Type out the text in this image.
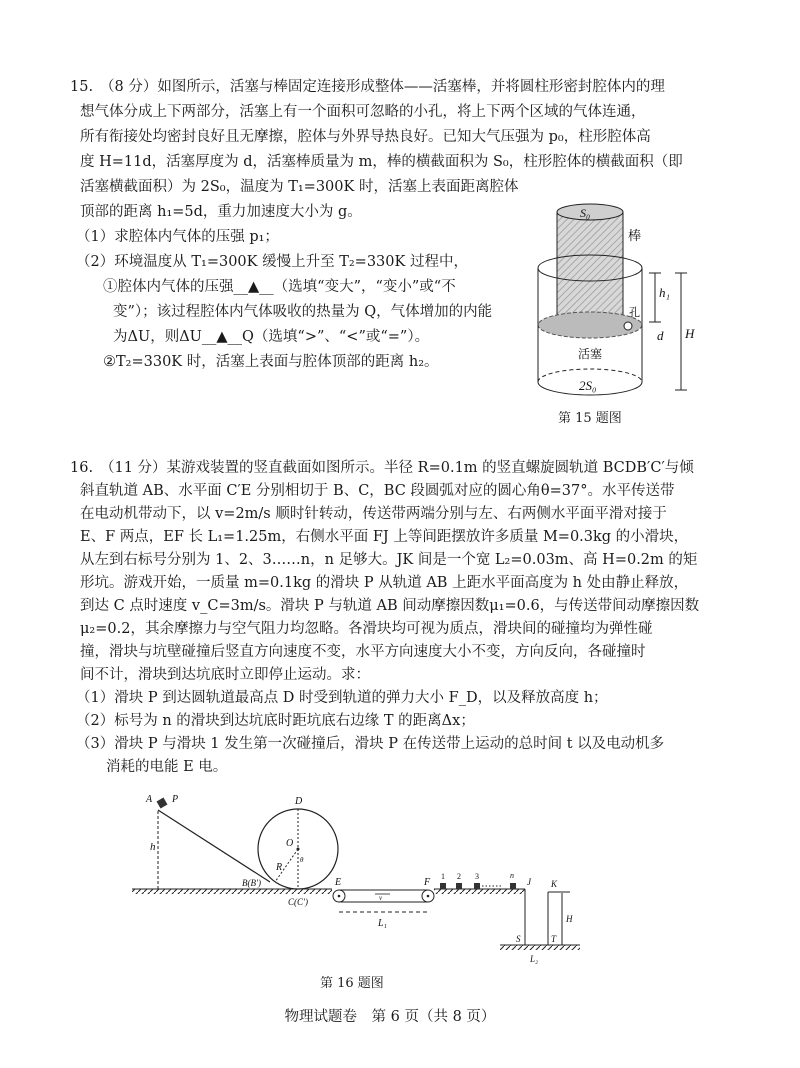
15. （8 分）如图所示，活塞与棒固定连接形成整体——活塞棒，并将圆柱形密封腔体内的理
想气体分成上下两部分，活塞上有一个面积可忽略的小孔，将上下两个区域的气体连通，
所有衔接处均密封良好且无摩擦，腔体与外界导热良好。已知大气压强为 p₀，柱形腔体高
度 H=11d，活塞厚度为 d，活塞棒质量为 m，棒的横截面积为 S₀，柱形腔体的横截面积（即
活塞横截面积）为 2S₀，温度为 T₁=300K 时，活塞上表面距离腔体
顶部的距离 h₁=5d，重力加速度大小为 g。
（1）求腔体内气体的压强 p₁；
（2）环境温度从 T₁=300K 缓慢上升至 T₂=330K 过程中，
①腔体内气体的压强__▲__（选填“变大”，“变小”或“不
变”）；该过程腔体内气体吸收的热量为 Q，气体增加的内能
为ΔU，则ΔU__▲__Q（选填“>”、“<”或“=”）。
②T₂=330K 时，活塞上表面与腔体顶部的距离 h₂。
S₀
棒
h₁
孔
d H
活塞
2S₀
第 15 题图
16. （11 分）某游戏装置的竖直截面如图所示。半径 R=0.1m 的竖直螺旋圆轨道 BCDB′C′与倾
斜直轨道 AB、水平面 C′E 分别相切于 B、C，BC 段圆弧对应的圆心角θ=37°。水平传送带
在电动机带动下，以 v=2m/s 顺时针转动，传送带两端分别与左、右两侧水平面平滑对接于
E、F 两点，EF 长 L₁=1.25m，右侧水平面 FJ 上等间距摆放许多质量 M=0.3kg 的小滑块，
从左到右标号分别为 1、2、3……n，n 足够大。JK 间是一个宽 L₂=0.03m、高 H=0.2m 的矩
形坑。游戏开始，一质量 m=0.1kg 的滑块 P 从轨道 AB 上距水平面高度为 h 处由静止释放，
到达 C 点时速度 v_C=3m/s。滑块 P 与轨道 AB 间动摩擦因数μ₁=0.6，与传送带间动摩擦因数
μ₂=0.2，其余摩擦力与空气阻力均忽略。各滑块均可视为质点，滑块间的碰撞均为弹性碰
撞，滑块与坑壁碰撞后竖直方向速度不变，水平方向速度大小不变，方向反向，各碰撞时
间不计，滑块到达坑底时立即停止运动。求：
（1）滑块 P 到达圆轨道最高点 D 时受到轨道的弹力大小 F_D，以及释放高度 h；
（2）标号为 n 的滑块到达坑底时距坑底右边缘 T 的距离Δx；
（3）滑块 P 与滑块 1 发生第一次碰撞后，滑块 P 在传送带上运动的总时间 t 以及电动机多
消耗的电能 E 电。
A P
h
D
O
R
θ
B(B′)
C(C′)
E	F
v
L₁
1 2 3	n
J K
H
S	T
L₂
第 16 题图
物理试题卷　第 6 页（共 8 页）
